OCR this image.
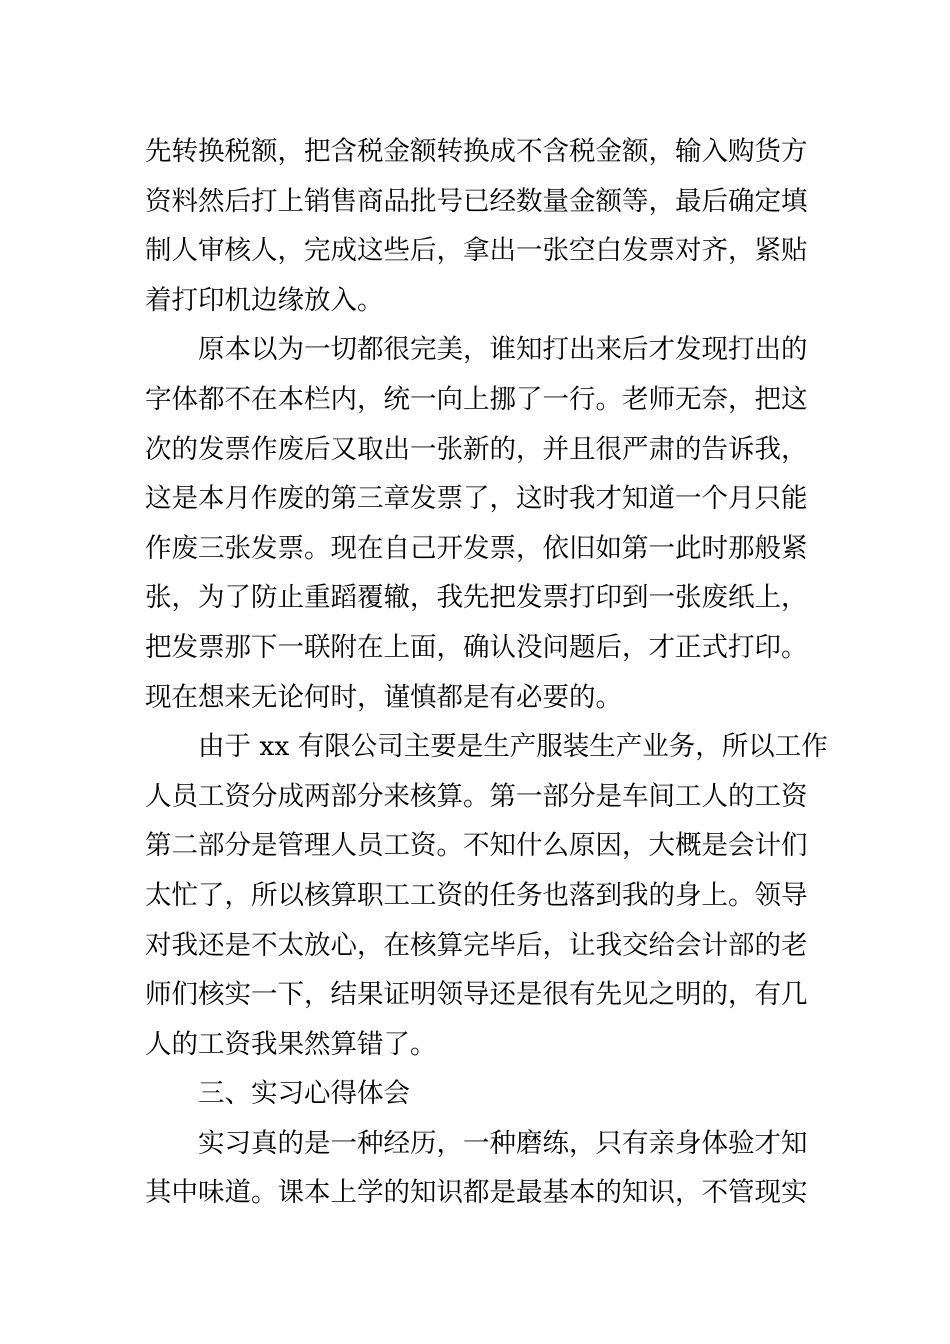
先转换税额，把含税金额转换成不含税金额，输入购货方
资料然后打上销售商品批号已经数量金额等，最后确定填
制人审核人，完成这些后，拿出一张空白发票对齐，紧贴
着打印机边缘放入。
原本以为一切都很完美，谁知打出来后才发现打出的
字体都不在本栏内，统一向上挪了一行。老师无奈，把这
次的发票作废后又取出一张新的，并且很严肃的告诉我，
这是本月作废的第三章发票了，这时我才知道一个月只能
作废三张发票。现在自己开发票，依旧如第一此时那般紧
张，为了防止重蹈覆辙，我先把发票打印到一张废纸上，
把发票那下一联附在上面，确认没问题后，才正式打印。
现在想来无论何时，谨慎都是有必要的。
由于 xx 有限公司主要是生产服装生产业务，所以工作
人员工资分成两部分来核算。第一部分是车间工人的工资
第二部分是管理人员工资。不知什么原因，大概是会计们
太忙了，所以核算职工工资的任务也落到我的身上。领导
对我还是不太放心，在核算完毕后，让我交给会计部的老
师们核实一下，结果证明领导还是很有先见之明的，有几
人的工资我果然算错了。
三、实习心得体会
实习真的是一种经历，一种磨练，只有亲身体验才知
其中味道。课本上学的知识都是最基本的知识，不管现实
